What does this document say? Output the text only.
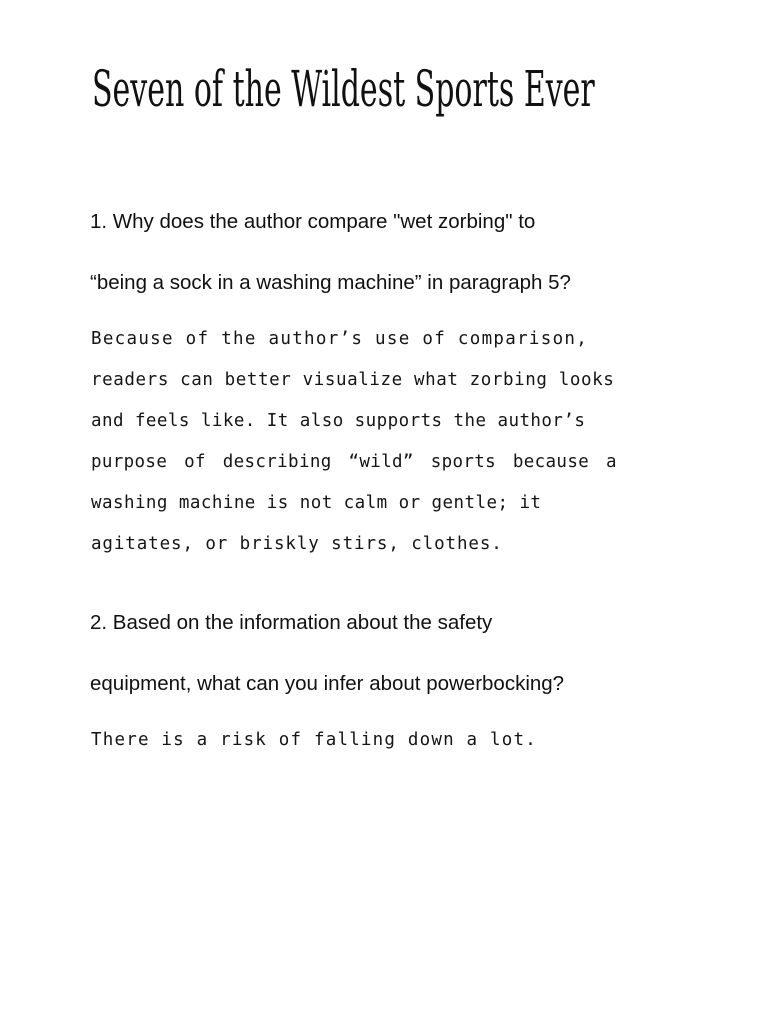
Seven of the Wildest Sports Ever
1. Why does the author compare "wet zorbing" to
“being a sock in a washing machine” in paragraph 5?
Because of the author’s use of comparison,
readers can better visualize what zorbing looks
and feels like. It also supports the author’s
purpose of describing “wild” sports because a
washing machine is not calm or gentle; it
agitates, or briskly stirs, clothes.
2. Based on the information about the safety
equipment, what can you infer about powerbocking?
There is a risk of falling down a lot.
